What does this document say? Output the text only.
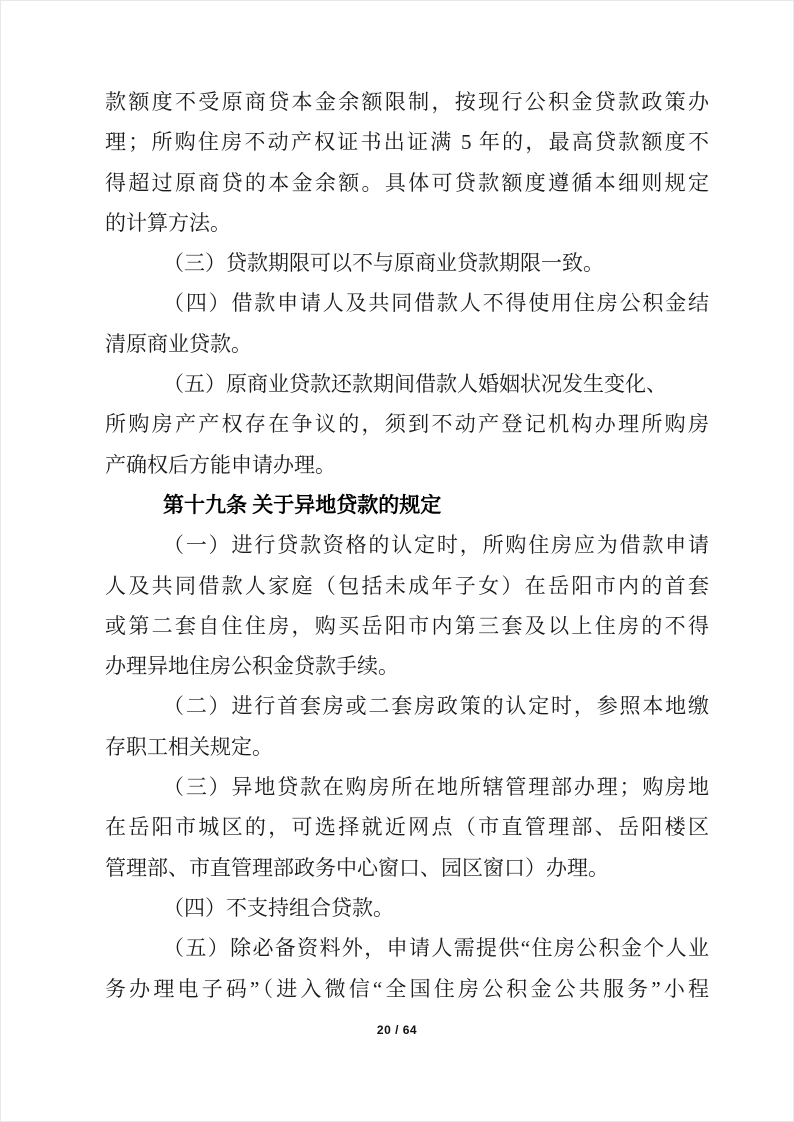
款额度不受原商贷本金余额限制，按现行公积金贷款政策办
理；所购住房不动产权证书出证满 5 年的，最高贷款额度不
得超过原商贷的本金余额。具体可贷款额度遵循本细则规定
的计算方法。
（三）贷款期限可以不与原商业贷款期限一致。
（四）借款申请人及共同借款人不得使用住房公积金结
清原商业贷款。
（五）原商业贷款还款期间借款人婚姻状况发生变化、
所购房产产权存在争议的，须到不动产登记机构办理所购房
产确权后方能申请办理。
第十九条 关于异地贷款的规定
（一）进行贷款资格的认定时，所购住房应为借款申请
人及共同借款人家庭（包括未成年子女）在岳阳市内的首套
或第二套自住住房，购买岳阳市内第三套及以上住房的不得
办理异地住房公积金贷款手续。
（二）进行首套房或二套房政策的认定时，参照本地缴
存职工相关规定。
（三）异地贷款在购房所在地所辖管理部办理；购房地
在岳阳市城区的，可选择就近网点（市直管理部、岳阳楼区
管理部、市直管理部政务中心窗口、园区窗口）办理。
（四）不支持组合贷款。
（五）除必备资料外，申请人需提供“住房公积金个人业
务办理电子码”（进入微信“全国住房公积金公共服务”小程
20 / 64
